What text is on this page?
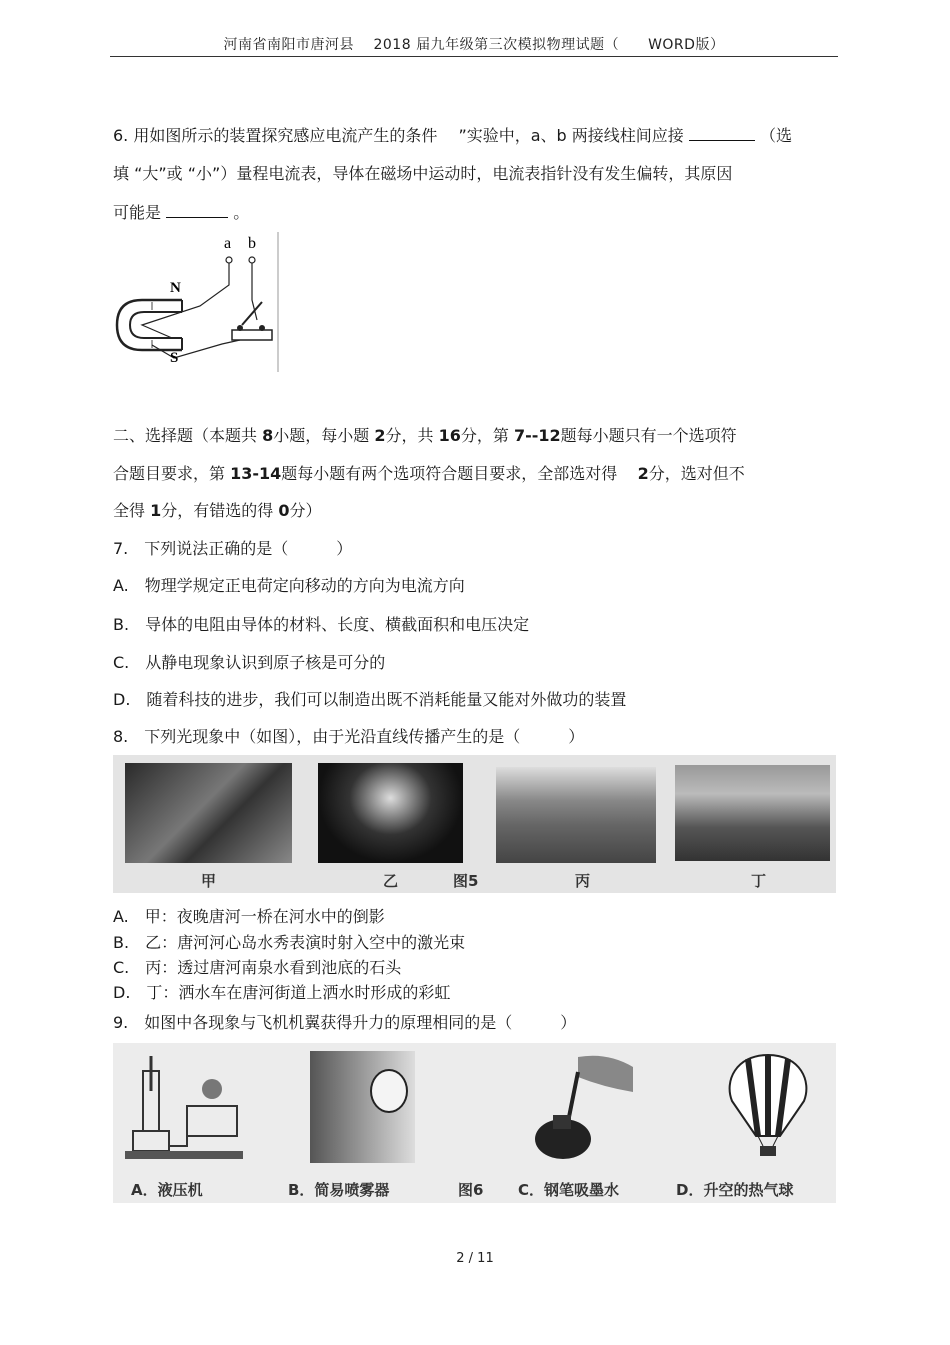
河南省南阳市唐河县　 2018 届九年级第三次模拟物理试题（　　WORD版）
6. 用如图所示的装置探究感应电流产生的条件　 ”实验中，a、b 两接线柱间应接	（选
填 “大”或 “小”）量程电流表，导体在磁场中运动时，电流表指针没有发生偏转，其原因
可能是	。
a b
N
S
二、选择题（本题共 8小题，每小题 2分，共 16分，第 7--12题每小题只有一个选项符
合题目要求，第 13-14题每小题有两个选项符合题目要求，全部选对得 2分，选对但不
全得 1分，有错选的得 0分）
7.　下列说法正确的是（　　　）
A.　物理学规定正电荷定向移动的方向为电流方向
B.　导体的电阻由导体的材料、长度、横截面积和电压决定
C.　从静电现象认识到原子核是可分的
D.　随着科技的进步，我们可以制造出既不消耗能量又能对外做功的装置
8.　下列光现象中（如图），由于光沿直线传播产生的是（　　　）
甲	乙	图5	丙	丁
A.　甲：夜晚唐河一桥在河水中的倒影
B.　乙：唐河河心岛水秀表演时射入空中的激光束
C.　丙：透过唐河南泉水看到池底的石头
D.　丁：洒水车在唐河街道上洒水时形成的彩虹
9.　如图中各现象与飞机机翼获得升力的原理相同的是（　　　）
A．液压机	B．简易喷雾器	图6 C．钢笔吸墨水	D．升空的热气球
2 / 11
